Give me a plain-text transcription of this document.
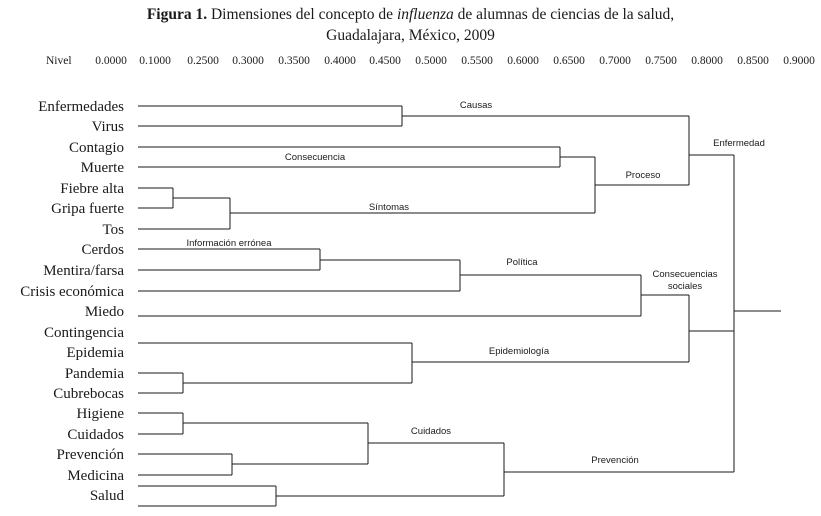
Figura 1. Dimensiones del concepto de influenza de alumnas de ciencias de la salud,
Guadalajara, México, 2009
Nivel 0.0000 0.1000 0.2500 0.3000 0.3500 0.4000 0.4500 0.5000 0.5500 0.6000 0.6500 0.7000 0.7500 0.8000 0.8500 0.9000
Enfermedades
Virus
Contagio
Muerte
Fiebre alta
Gripa fuerte
Tos
Cerdos
Mentira/farsa
Crisis económica
Miedo
Contingencia
Epidemia
Pandemia
Cubrebocas
Higiene
Cuidados
Prevención
Medicina
Salud
Causas
Consecuencia
Síntomas
Proceso
Enfermedad
Información errónea
Política
Consecuencias sociales
Epidemiología
Cuidados
Prevención
